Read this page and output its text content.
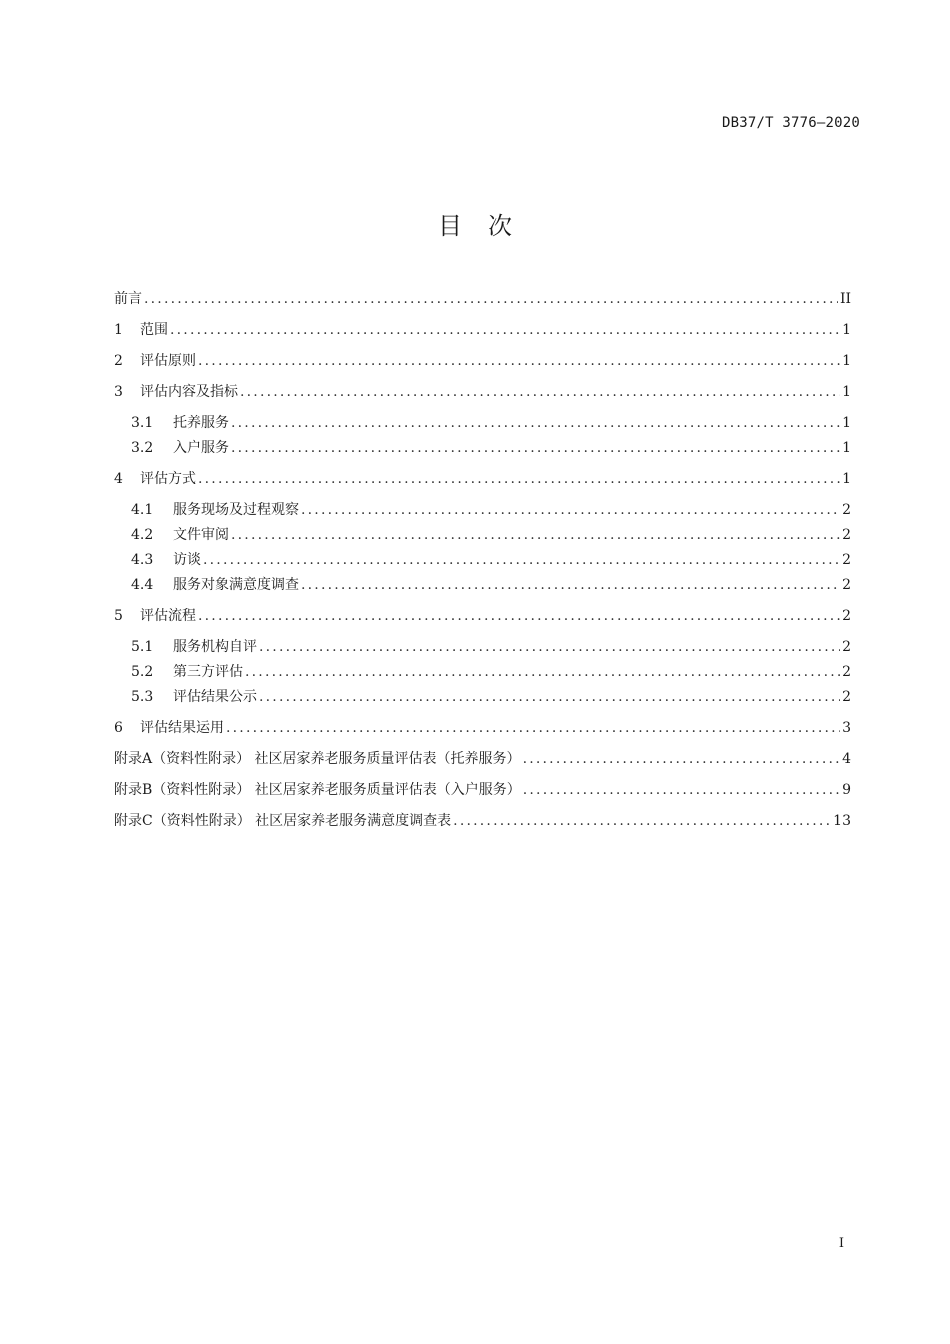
DB37/T 3776—2020
目次
前言 .....	II
1	范围 .....	1
2	评估原则 .....	1
3	评估内容及指标 .....	1
3.1	托养服务 .....	1
3.2	入户服务 .....	1
4	评估方式 .....	1
4.1	服务现场及过程观察 .....	2
4.2	文件审阅 .....	2
4.3	访谈 .....	2
4.4	服务对象满意度调查 .....	2
5	评估流程 .....	2
5.1	服务机构自评 .....	2
5.2	第三方评估 .....	2
5.3	评估结果公示 .....	2
6	评估结果运用 .....	3
附录A（资料性附录） 社区居家养老服务质量评估表（托养服务） .....	4
附录B（资料性附录） 社区居家养老服务质量评估表（入户服务） .....	9
附录C（资料性附录） 社区居家养老服务满意度调查表 .....	13
I
